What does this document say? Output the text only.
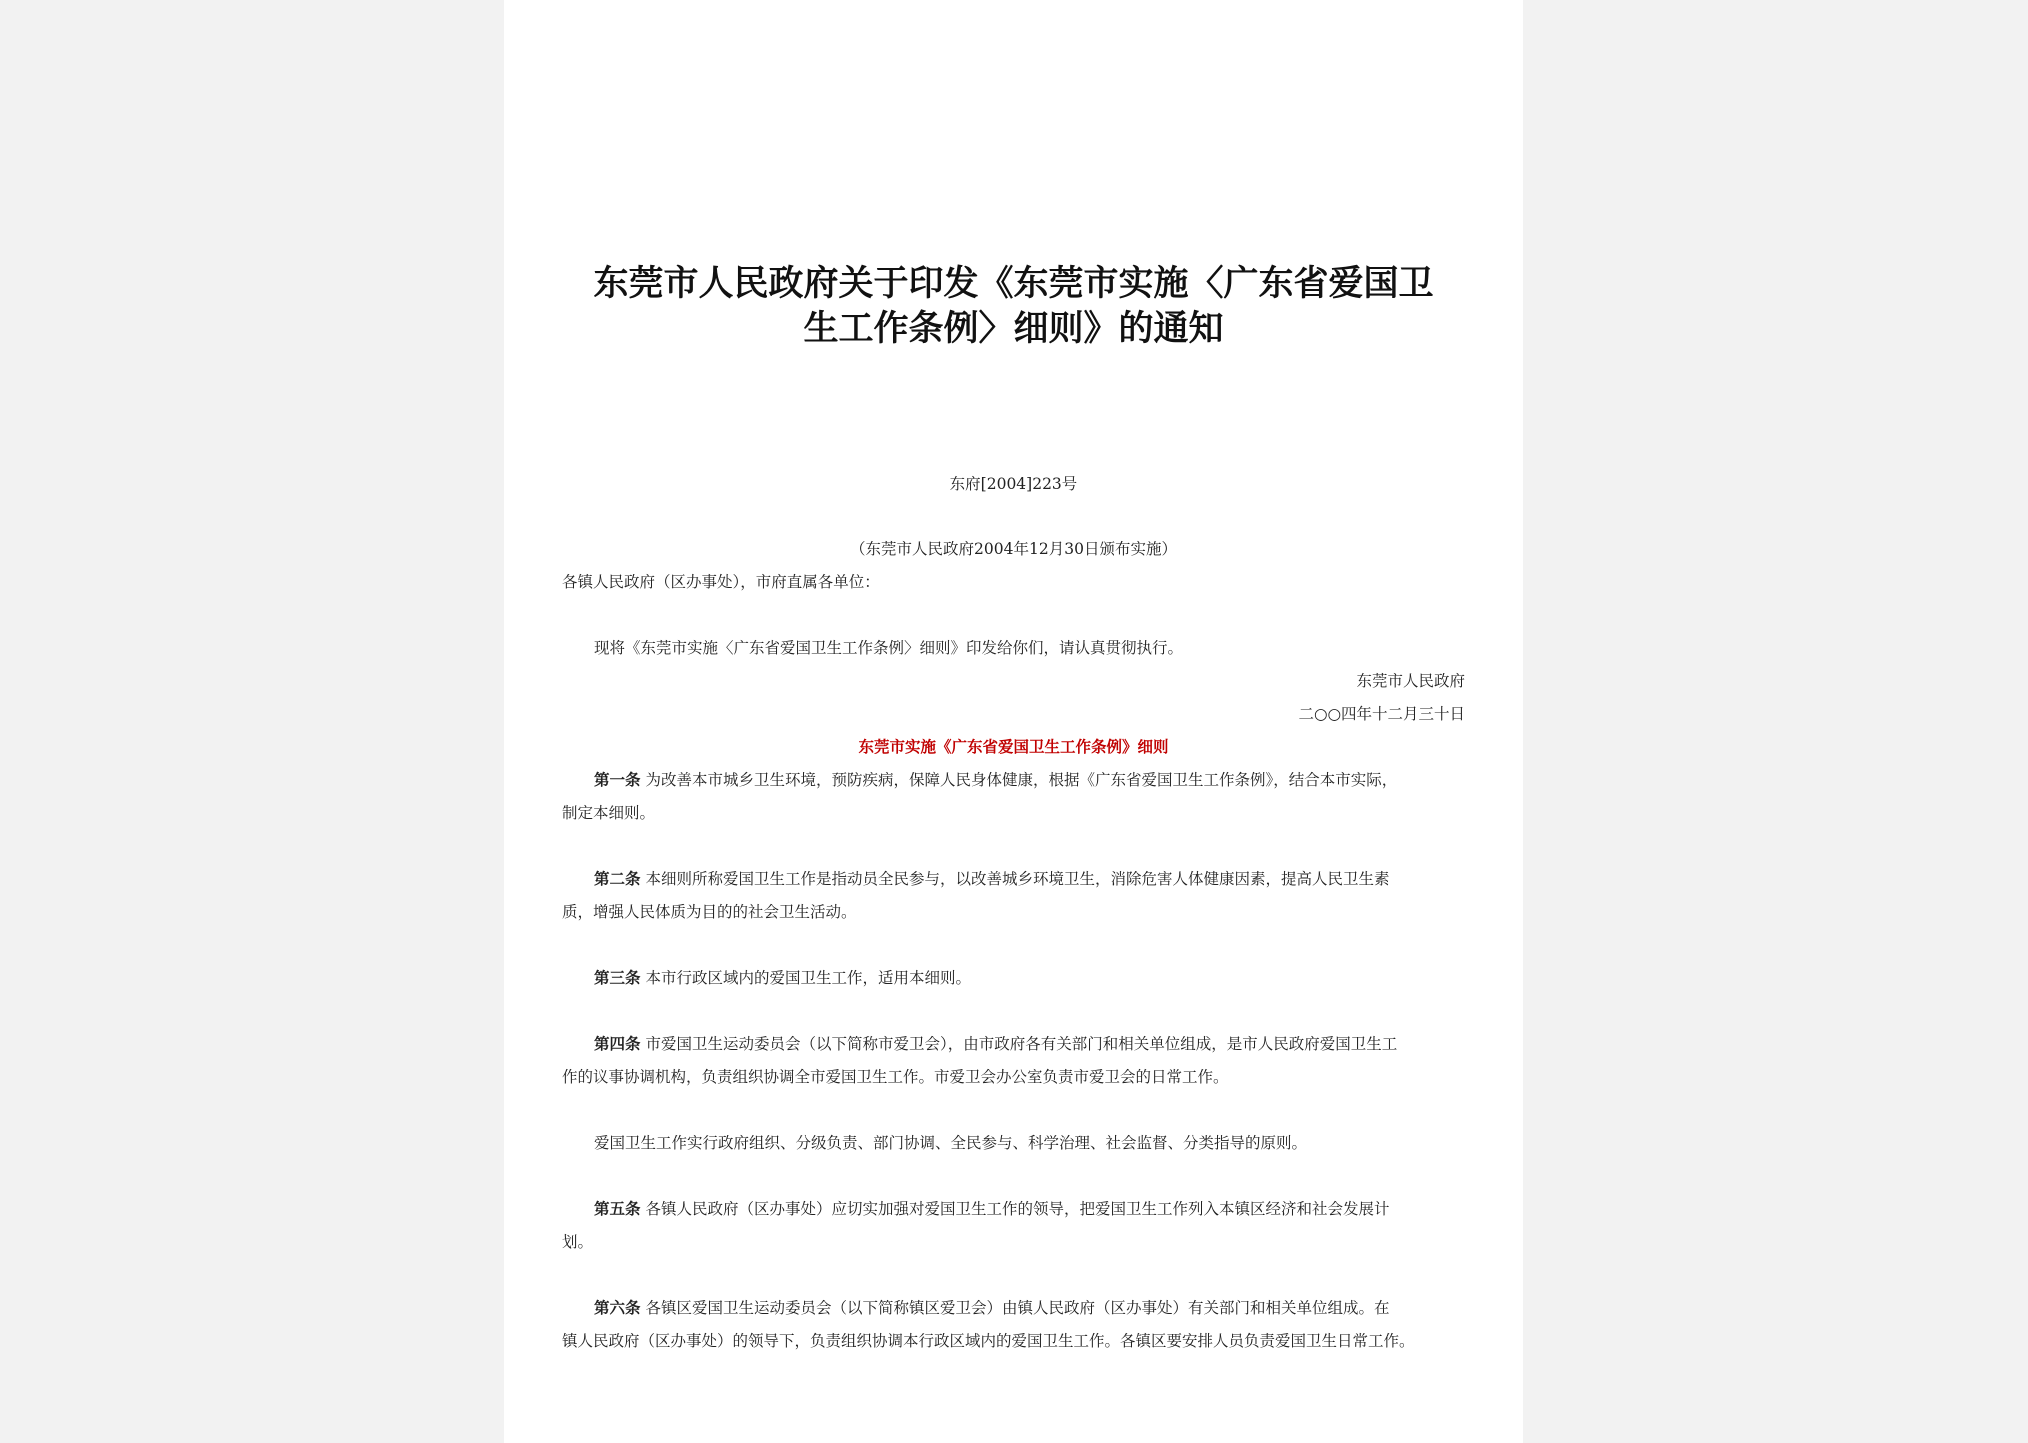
东莞市人民政府关于印发《东莞市实施〈广东省爱国卫
生工作条例〉细则》的通知
东府[2004]223号
（东莞市人民政府2004年12月30日颁布实施）
各镇人民政府（区办事处），市府直属各单位：
现将《东莞市实施〈广东省爱国卫生工作条例〉细则》印发给你们，请认真贯彻执行。
东莞市人民政府
二○○四年十二月三十日
东莞市实施《广东省爱国卫生工作条例》细则
第一条 为改善本市城乡卫生环境，预防疾病，保障人民身体健康，根据《广东省爱国卫生工作条例》，结合本市实际，
制定本细则。
第二条 本细则所称爱国卫生工作是指动员全民参与，以改善城乡环境卫生，消除危害人体健康因素，提高人民卫生素
质，增强人民体质为目的的社会卫生活动。
第三条 本市行政区域内的爱国卫生工作，适用本细则。
第四条 市爱国卫生运动委员会（以下简称市爱卫会），由市政府各有关部门和相关单位组成，是市人民政府爱国卫生工
作的议事协调机构，负责组织协调全市爱国卫生工作。市爱卫会办公室负责市爱卫会的日常工作。
爱国卫生工作实行政府组织、分级负责、部门协调、全民参与、科学治理、社会监督、分类指导的原则。
第五条 各镇人民政府（区办事处）应切实加强对爱国卫生工作的领导，把爱国卫生工作列入本镇区经济和社会发展计
划。
第六条 各镇区爱国卫生运动委员会（以下简称镇区爱卫会）由镇人民政府（区办事处）有关部门和相关单位组成。在
镇人民政府（区办事处）的领导下，负责组织协调本行政区域内的爱国卫生工作。各镇区要安排人员负责爱国卫生日常工作。
